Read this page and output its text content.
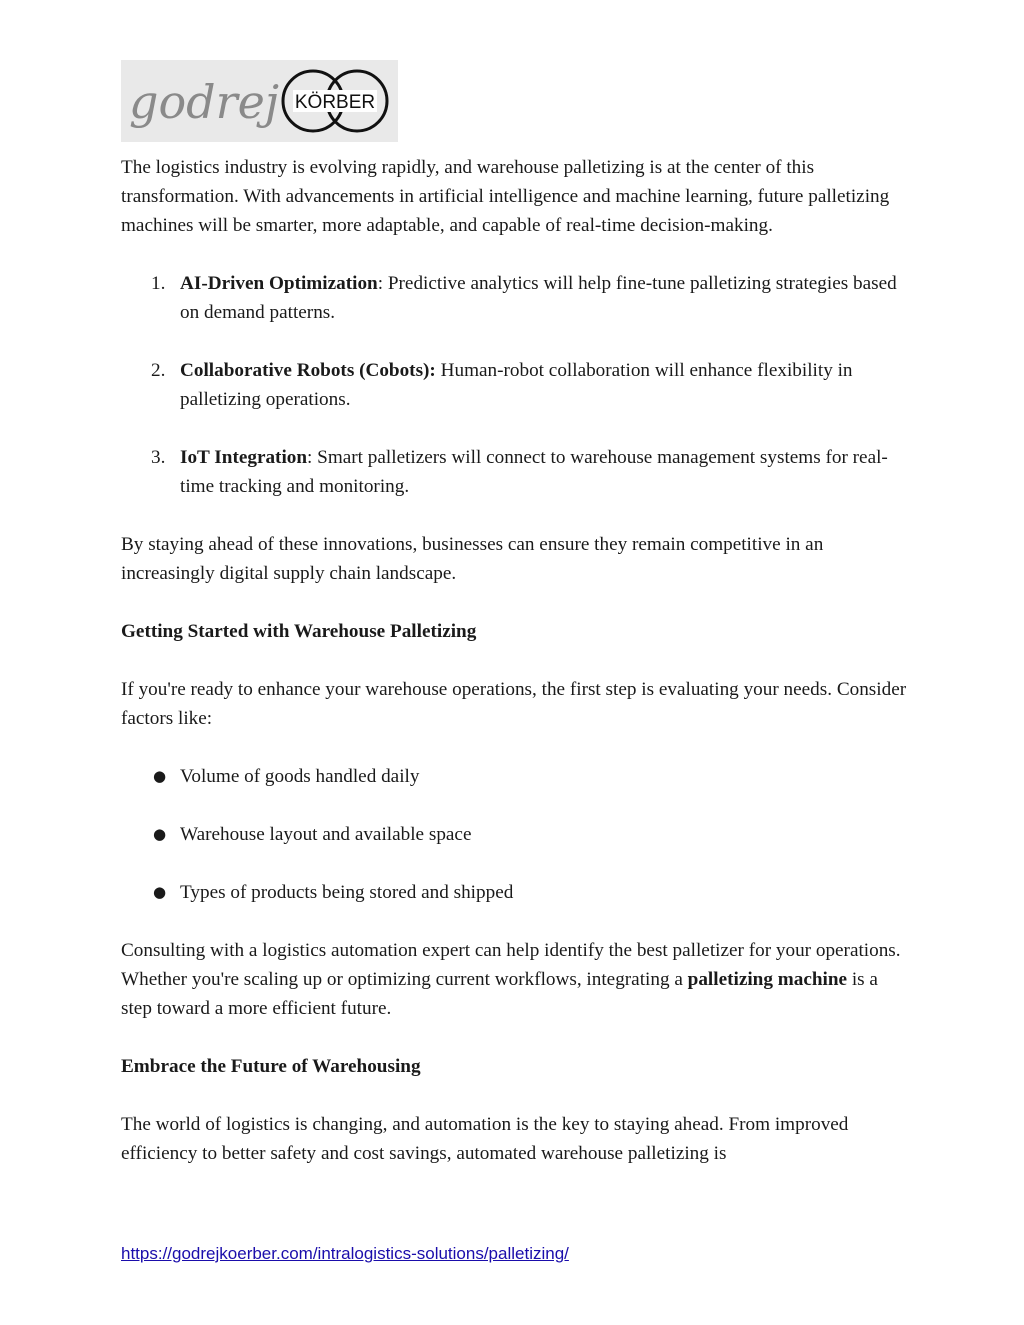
godrej KÖRBER

The logistics industry is evolving rapidly, and warehouse palletizing is at the center of this transformation. With advancements in artificial intelligence and machine learning, future palletizing machines will be smarter, more adaptable, and capable of real-time decision-making.

1. AI-Driven Optimization: Predictive analytics will help fine-tune palletizing strategies based on demand patterns.
2. Collaborative Robots (Cobots): Human-robot collaboration will enhance flexibility in palletizing operations.
3. IoT Integration: Smart palletizers will connect to warehouse management systems for real-time tracking and monitoring.

By staying ahead of these innovations, businesses can ensure they remain competitive in an increasingly digital supply chain landscape.

Getting Started with Warehouse Palletizing

If you're ready to enhance your warehouse operations, the first step is evaluating your needs. Consider factors like:

● Volume of goods handled daily
● Warehouse layout and available space
● Types of products being stored and shipped

Consulting with a logistics automation expert can help identify the best palletizer for your operations. Whether you're scaling up or optimizing current workflows, integrating a palletizing machine is a step toward a more efficient future.

Embrace the Future of Warehousing

The world of logistics is changing, and automation is the key to staying ahead. From improved efficiency to better safety and cost savings, automated warehouse palletizing is

https://godrejkoerber.com/intralogistics-solutions/palletizing/
